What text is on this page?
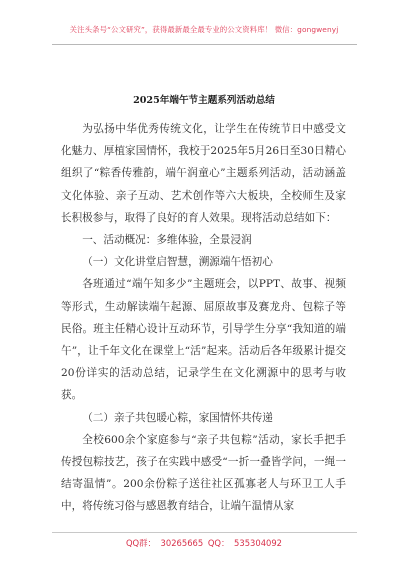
关注头条号“公文研究”，获得最新最全最专业的公文资料库！ 微信：gongwenyj
2025年端午节主题系列活动总结

为弘扬中华优秀传统文化，让学生在传统节日中感受文化魅力、厚植家国情怀，我校于2025年5月26日至30日精心组织了“粽香传雅韵，端午润童心”主题系列活动，活动涵盖文化体验、亲子互动、艺术创作等六大板块，全校师生及家长积极参与，取得了良好的育人效果。现将活动总结如下：

一、活动概况：多维体验，全景浸润

（一）文化讲堂启智慧，溯源端午悟初心

各班通过“端午知多少”主题班会，以PPT、故事、视频等形式，生动解读端午起源、屈原故事及赛龙舟、包粽子等民俗。班主任精心设计互动环节，引导学生分享“我知道的端午”，让千年文化在课堂上“活”起来。活动后各年级累计提交20份详实的活动总结，记录学生在文化溯源中的思考与收获。

（二）亲子共包暖心粽，家国情怀共传递

全校600余个家庭参与“亲子共包粽”活动，家长手把手传授包粽技艺，孩子在实践中感受“一折一叠皆学问，一绳一结寄温情”。200余份粽子送往社区孤寡老人与环卫工人手中，将传统习俗与感恩教育结合，让端午温情从家

QQ群： 30265665 QQ： 535304092
